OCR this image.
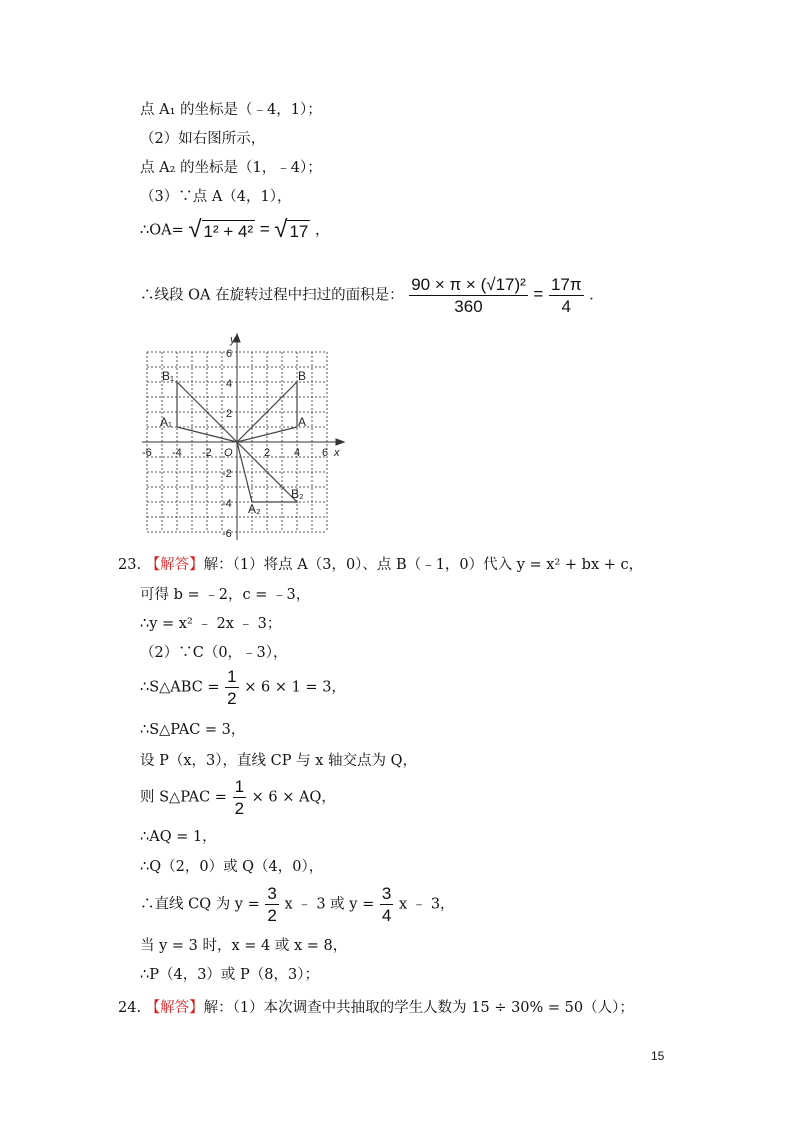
点 A₁ 的坐标是（﹣4，1）；
（2）如右图所示，
点 A₂ 的坐标是（1，﹣4）；
（3）∵点 A（4，1），
∴OA= √ 1² + 4² = √ 17 ，
∴线段 OA 在旋转过程中扫过的面积是： $\frac{\text{90 × π × (√17)²}}{360} = \frac{17\pi}{4}$ ．
-6 -4 -2	2 4 6
6
4
2
-2
-4
-6
x
y
O
B₁
A₁
B
A
B₂
A₂
23. 【解答】解：（1）将点 A（3，0）、点 B（﹣1，0）代入 y = x² + bx + c，
可得 b = ﹣2，c = ﹣3，
∴y = x² ﹣ 2x ﹣ 3；
（2）∵C（0，﹣3），
∴S△ABC = $\frac{1}{2} \times 6 \times 1 = 3$，
∴S△PAC = 3，
设 P（x，3），直线 CP 与 x 轴交点为 Q，
则 S△PAC = $\frac{1}{2} \times 6$ × AQ，
∴AQ = 1，
∴Q（2，0）或 Q（4，0），
∴直线 CQ 为 $y = \frac{3}{2}$ x ﹣ 3 或 $y = \frac{3}{4}$ x ﹣ 3，
当 y = 3 时，x = 4 或 x = 8，
∴P（4，3）或 P（8，3）；
24. 【解答】解：（1）本次调查中共抽取的学生人数为 15 ÷ 30% = 50（人）；
15
